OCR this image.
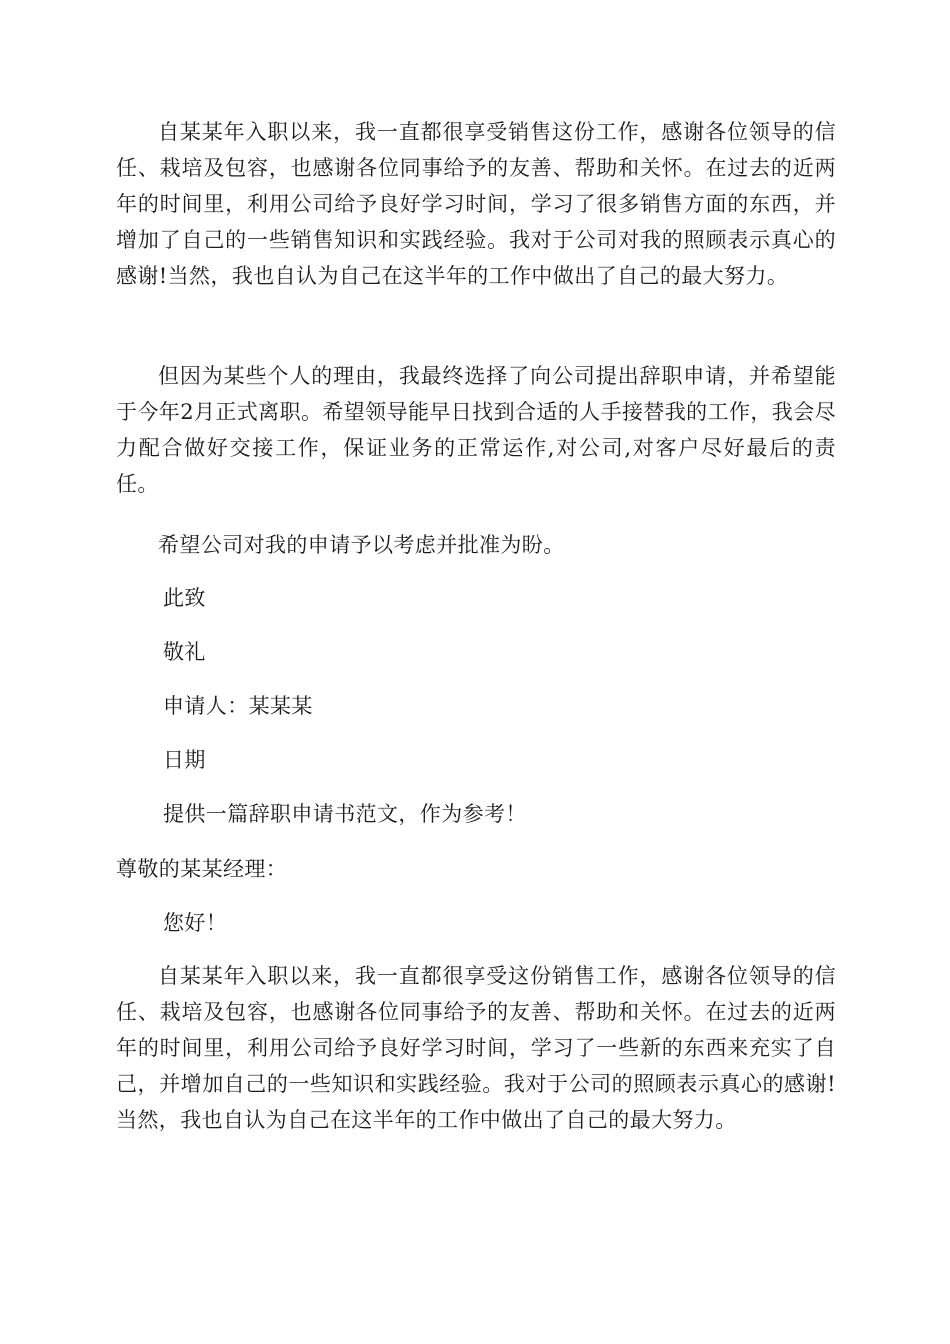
自某某年入职以来，我一直都很享受销售这份工作，感谢各位领导的信任、栽培及包容，也感谢各位同事给予的友善、帮助和关怀。在过去的近两年的时间里，利用公司给予良好学习时间，学习了很多销售方面的东西，并增加了自己的一些销售知识和实践经验。我对于公司对我的照顾表示真心的感谢!当然，我也自认为自己在这半年的工作中做出了自己的最大努力。

但因为某些个人的理由，我最终选择了向公司提出辞职申请，并希望能于今年2月正式离职。希望领导能早日找到合适的人手接替我的工作，我会尽力配合做好交接工作，保证业务的正常运作,对公司,对客户尽好最后的责任。

希望公司对我的申请予以考虑并批准为盼。

此致

敬礼

申请人：某某某

日期

提供一篇辞职申请书范文，作为参考！

尊敬的某某经理：

您好！

自某某年入职以来，我一直都很享受这份销售工作，感谢各位领导的信任、栽培及包容，也感谢各位同事给予的友善、帮助和关怀。在过去的近两年的时间里，利用公司给予良好学习时间，学习了一些新的东西来充实了自己，并增加自己的一些知识和实践经验。我对于公司的照顾表示真心的感谢!当然，我也自认为自己在这半年的工作中做出了自己的最大努力。
